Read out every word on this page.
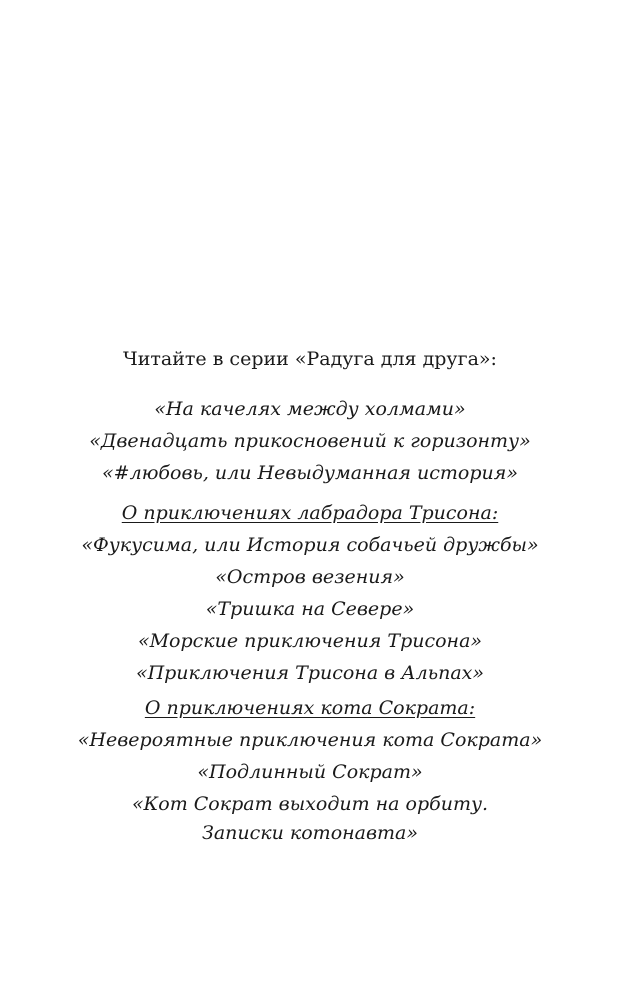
Читайте в серии «Радуга для друга»:
«На качелях между холмами»
«Двенадцать прикосновений к горизонту»
«#любовь, или Невыдуманная история»
О приключениях лабрадора Трисона:
«Фукусима, или История собачьей дружбы»
«Остров везения»
«Тришка на Севере»
«Морские приключения Трисона»
«Приключения Трисона в Альпах»
О приключениях кота Сократа:
«Невероятные приключения кота Сократа»
«Подлинный Сократ»
«Кот Сократ выходит на орбиту.
Записки котонавта»
